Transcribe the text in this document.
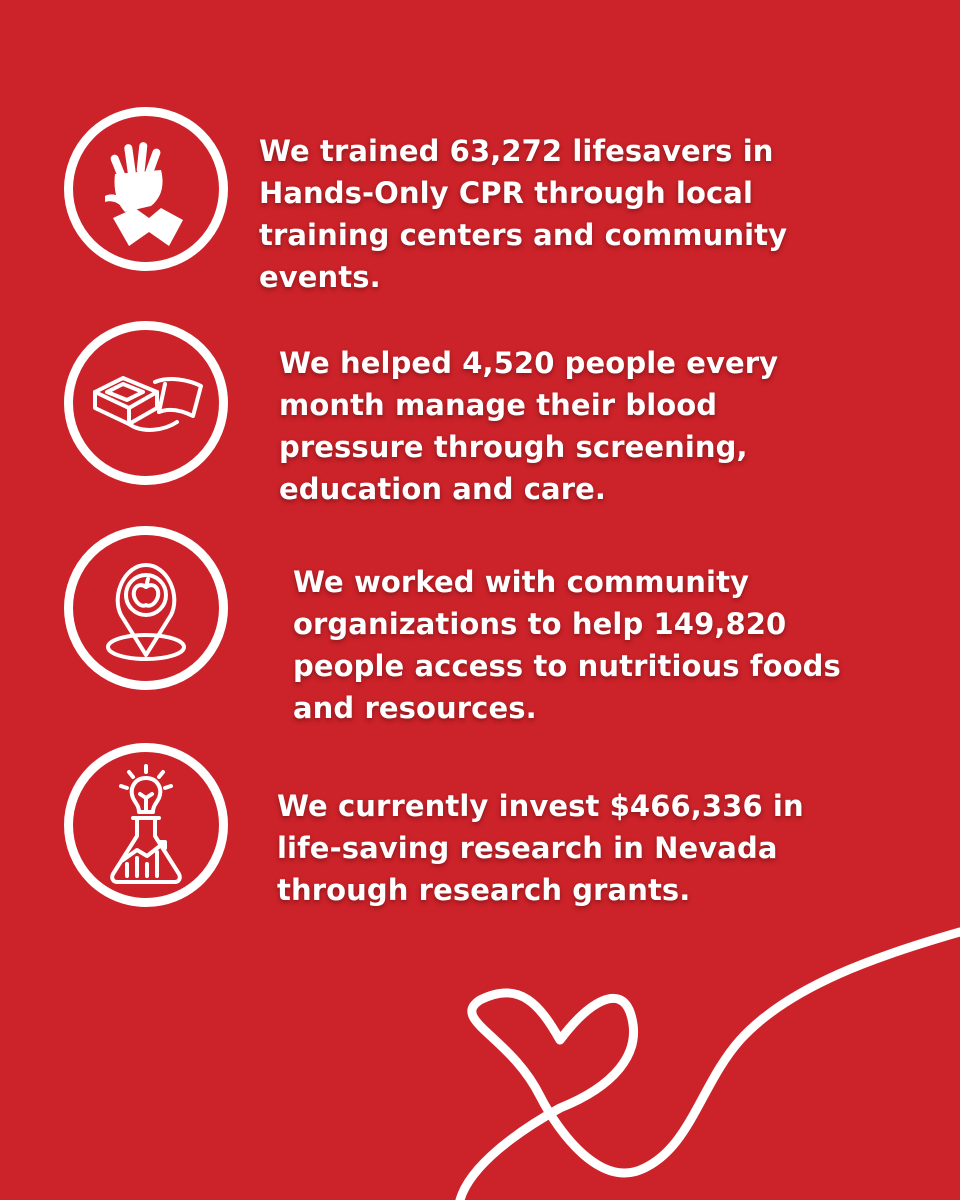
We trained 63,272 lifesavers in Hands-Only CPR through local training centers and community events.

We helped 4,520 people every month manage their blood pressure through screening, education and care.

We worked with community organizations to help 149,820 people access to nutritious foods and resources.

We currently invest $466,336 in life-saving research in Nevada through research grants.
